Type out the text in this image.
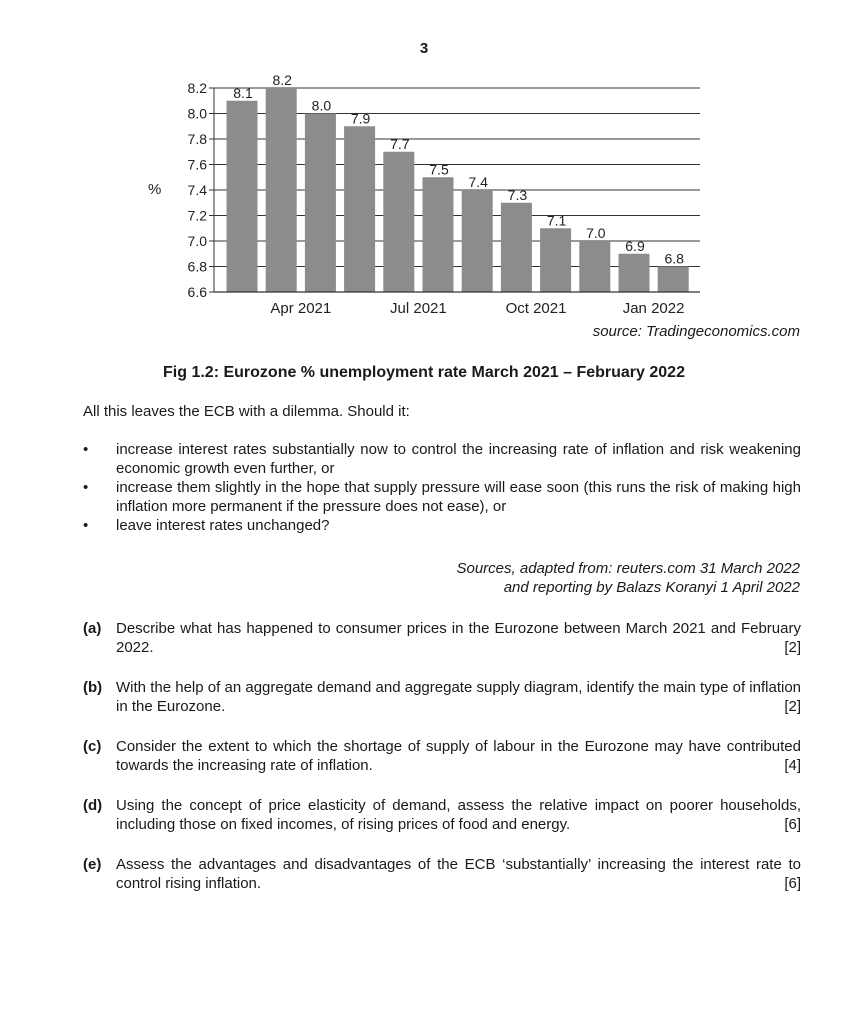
3
6.6
6.8
7.0
7.2
7.4
7.6
7.8
8.0
8.2
Apr 2021	Jul 2021	Oct 2021	Jan 2022
%
8.1
8.2
8.0
7.9
7.7
7.5
7.4
7.3
7.1
7.0
6.9
6.8
source: Tradingeconomics.com
Fig 1.2: Eurozone % unemployment rate March 2021 – February 2022
All this leaves the ECB with a dilemma. Should it:
• increase interest rates substantially now to control the increasing rate of inflation and risk weakening economic growth even further, or
• increase them slightly in the hope that supply pressure will ease soon (this runs the risk of making high inflation more permanent if the pressure does not ease), or
• leave interest rates unchanged?
Sources, adapted from: reuters.com 31 March 2022
and reporting by Balazs Koranyi 1 April 2022
(a) Describe what has happened to consumer prices in the Eurozone between March 2021 and February 2022.	[2]
(b) With the help of an aggregate demand and aggregate supply diagram, identify the main type of inflation in the Eurozone.	[2]
(c) Consider the extent to which the shortage of supply of labour in the Eurozone may have contributed towards the increasing rate of inflation.	[4]
(d) Using the concept of price elasticity of demand, assess the relative impact on poorer households, including those on fixed incomes, of rising prices of food and energy.	[6]
(e) Assess the advantages and disadvantages of the ECB ‘substantially’ increasing the interest rate to control rising inflation.	[6]
